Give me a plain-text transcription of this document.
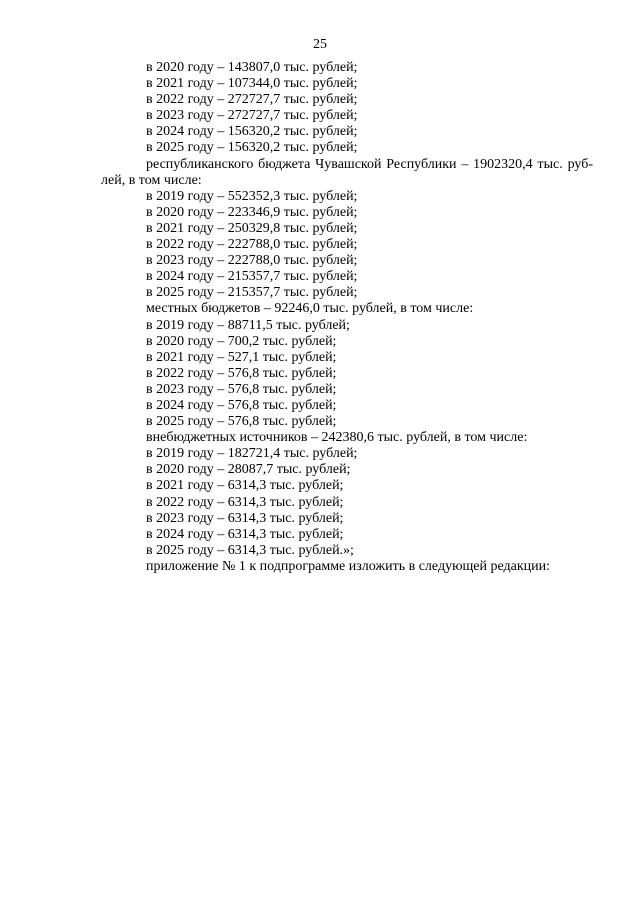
25

в 2020 году – 143807,0 тыс. рублей;

в 2021 году – 107344,0 тыс. рублей;

в 2022 году – 272727,7 тыс. рублей;

в 2023 году – 272727,7 тыс. рублей;

в 2024 году – 156320,2 тыс. рублей;

в 2025 году – 156320,2 тыс. рублей;

республиканского бюджета Чувашской Республики – 1902320,4 тыс. рублей, в том числе:

в 2019 году – 552352,3 тыс. рублей;

в 2020 году – 223346,9 тыс. рублей;

в 2021 году – 250329,8 тыс. рублей;

в 2022 году – 222788,0 тыс. рублей;

в 2023 году – 222788,0 тыс. рублей;

в 2024 году – 215357,7 тыс. рублей;

в 2025 году – 215357,7 тыс. рублей;

местных бюджетов – 92246,0 тыс. рублей, в том числе:

в 2019 году – 88711,5 тыс. рублей;

в 2020 году – 700,2 тыс. рублей;

в 2021 году – 527,1 тыс. рублей;

в 2022 году – 576,8 тыс. рублей;

в 2023 году – 576,8 тыс. рублей;

в 2024 году – 576,8 тыс. рублей;

в 2025 году – 576,8 тыс. рублей;

внебюджетных источников – 242380,6 тыс. рублей, в том числе:

в 2019 году – 182721,4 тыс. рублей;

в 2020 году – 28087,7 тыс. рублей;

в 2021 году – 6314,3 тыс. рублей;

в 2022 году – 6314,3 тыс. рублей;

в 2023 году – 6314,3 тыс. рублей;

в 2024 году – 6314,3 тыс. рублей;

в 2025 году – 6314,3 тыс. рублей.»;

приложение № 1 к подпрограмме изложить в следующей редакции:
